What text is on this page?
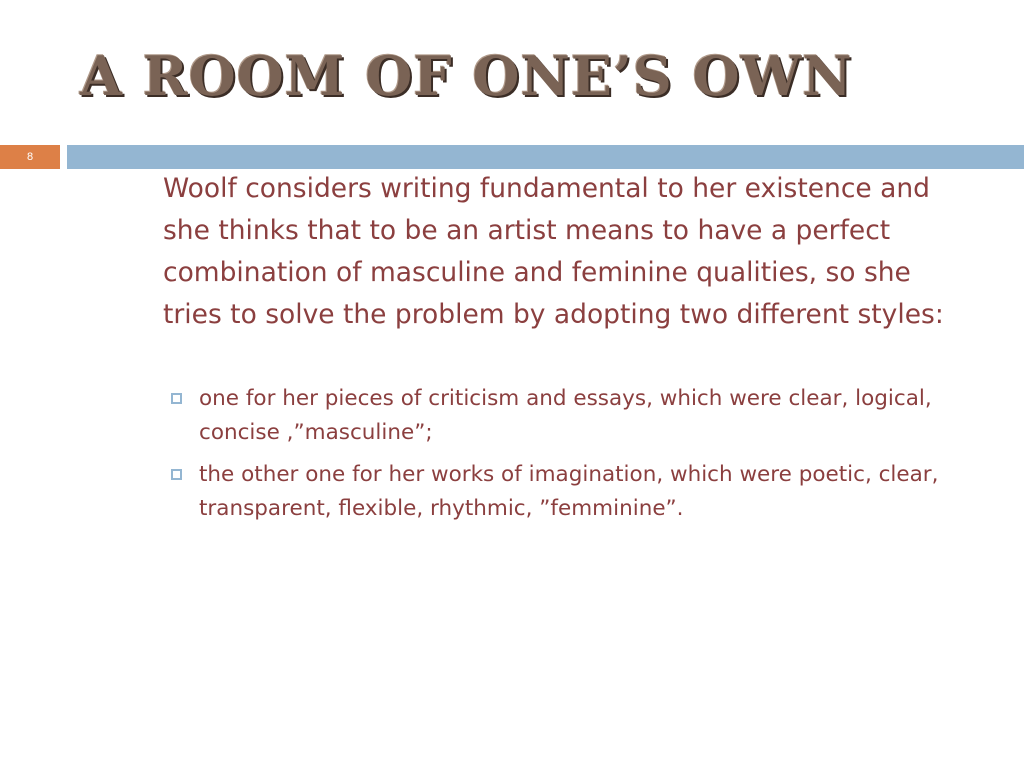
A ROOM OF ONE’S OWN
8

Woolf considers writing fundamental to her existence and she thinks that to be an artist means to have a perfect combination of masculine and feminine qualities, so she tries to solve the problem by adopting two different styles:

one for her pieces of criticism and essays, which were clear, logical, concise ,”masculine”;
the other one for her works of imagination, which were poetic, clear, transparent, flexible, rhythmic, ”femminine”.
